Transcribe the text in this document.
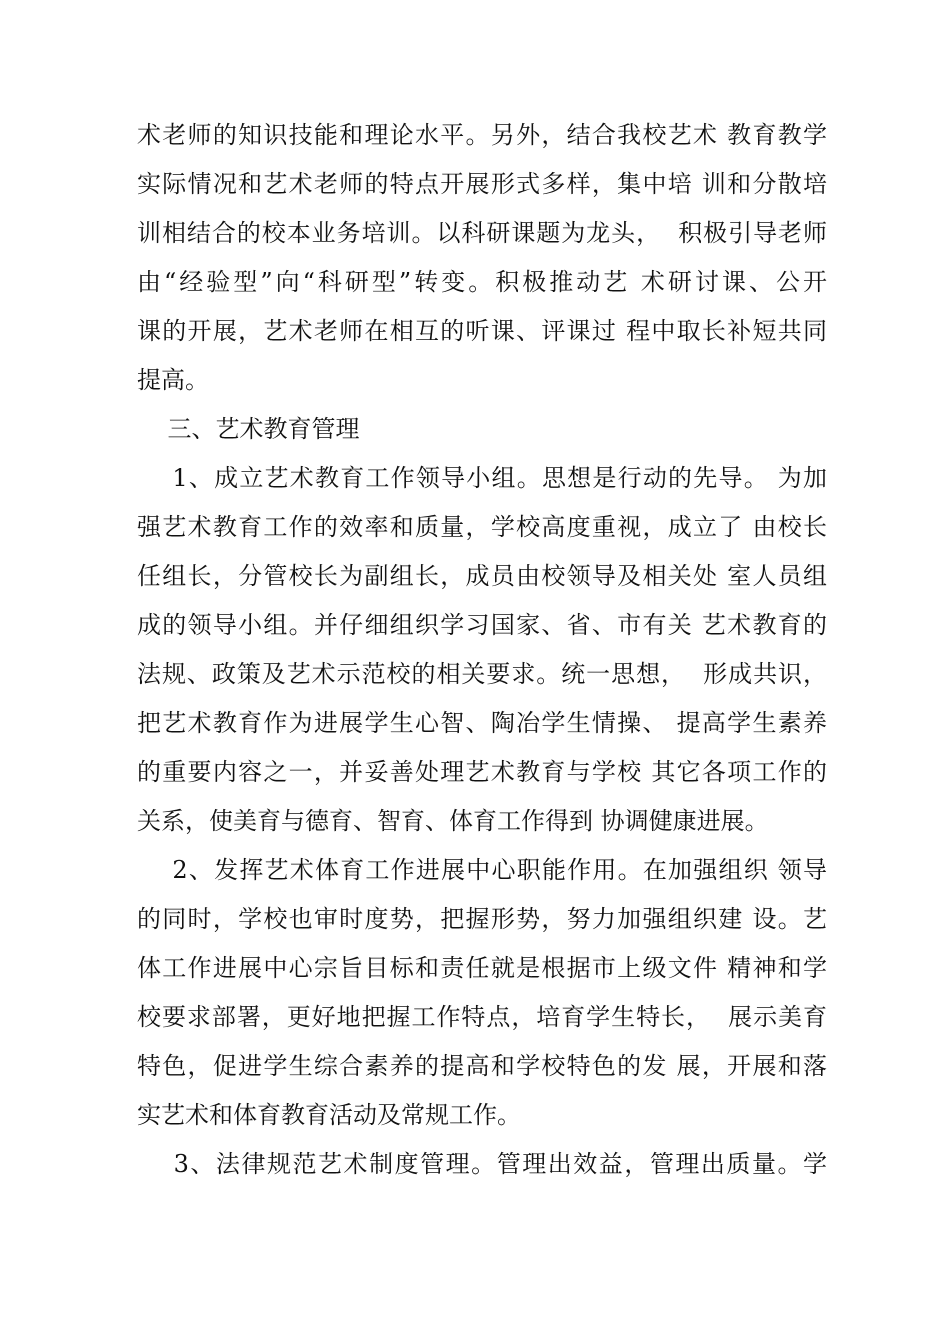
术老师的知识技能和理论水平。另外，结合我校艺术 教育教学
实际情况和艺术老师的特点开展形式多样，集中培 训和分散培
训相结合的校本业务培训。以科研课题为龙头，  积极引导老师
由“经验型”向“科研型”转变。积极推动艺 术研讨课、公开
课的开展，艺术老师在相互的听课、评课过 程中取长补短共同
提高。
三、艺术教育管理
1、成立艺术教育工作领导小组。思想是行动的先导。 为加
强艺术教育工作的效率和质量，学校高度重视，成立了 由校长
任组长，分管校长为副组长，成员由校领导及相关处 室人员组
成的领导小组。并仔细组织学习国家、省、市有关 艺术教育的
法规、政策及艺术示范校的相关要求。统一思想，  形成共识，
把艺术教育作为进展学生心智、陶冶学生情操、 提高学生素养
的重要内容之一，并妥善处理艺术教育与学校 其它各项工作的
关系，使美育与德育、智育、体育工作得到 协调健康进展。
2、发挥艺术体育工作进展中心职能作用。在加强组织 领导
的同时，学校也审时度势，把握形势，努力加强组织建 设。艺
体工作进展中心宗旨目标和责任就是根据市上级文件 精神和学
校要求部署，更好地把握工作特点，培育学生特长，  展示美育
特色，促进学生综合素养的提高和学校特色的发 展，开展和落
实艺术和体育教育活动及常规工作。
3、法律规范艺术制度管理。管理出效益，管理出质量。学
